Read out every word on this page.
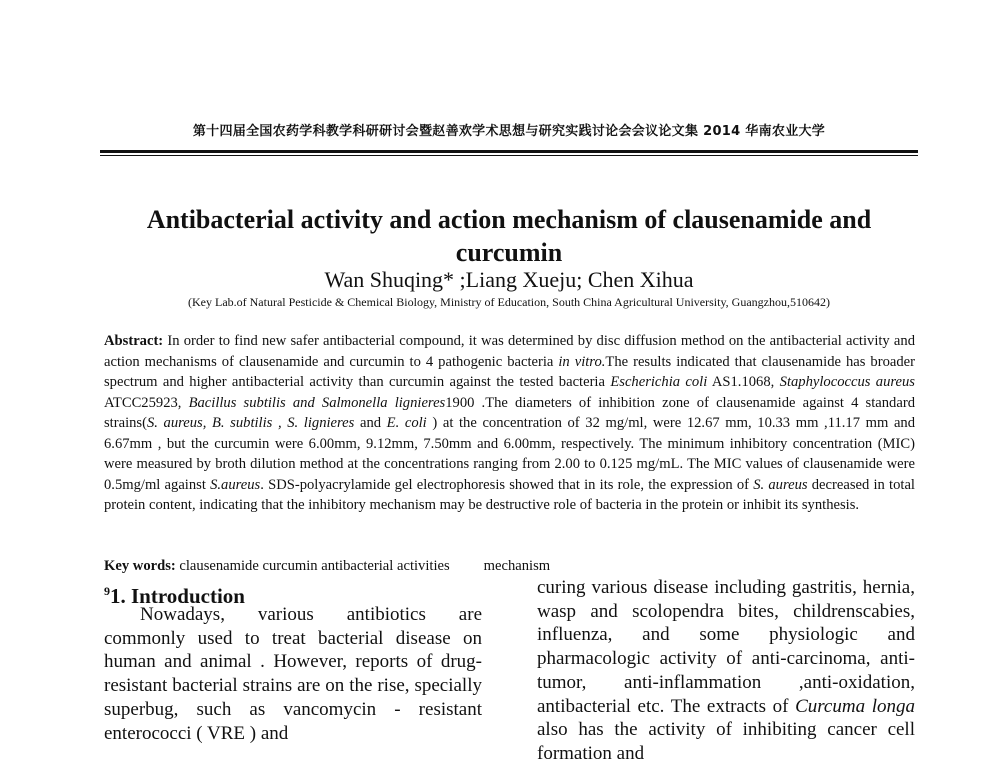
第十四届全国农药学科教学科研研讨会暨赵善欢学术思想与研究实践讨论会会议论文集 2014 华南农业大学
Antibacterial activity and action mechanism of clausenamide and curcumin
Wan Shuqing* ;Liang Xueju; Chen Xihua
(Key Lab.of Natural Pesticide & Chemical Biology, Ministry of Education, South China Agricultural University, Guangzhou,510642)

Abstract: In order to find new safer antibacterial compound, it was determined by disc diffusion method on the antibacterial activity and action mechanisms of clausenamide and curcumin to 4 pathogenic bacteria in vitro.The results indicated that clausenamide has broader spectrum and higher antibacterial activity than curcumin against the tested bacteria Escherichia coli AS1.1068, Staphylococcus aureus ATCC25923, Bacillus subtilis and Salmonella lignieres1900 .The diameters of inhibition zone of clausenamide against 4 standard strains(S. aureus, B. subtilis , S. lignieres and E. coli ) at the concentration of 32 mg/ml, were 12.67 mm, 10.33 mm ,11.17 mm and 6.67mm , but the curcumin were 6.00mm, 9.12mm, 7.50mm and 6.00mm, respectively. The minimum inhibitory concentration (MIC) were measured by broth dilution method at the concentrations ranging from 2.00 to 0.125 mg/mL. The MIC values of clausenamide were 0.5mg/ml against S.aureus. SDS-polyacrylamide gel electrophoresis showed that in its role, the expression of S. aureus decreased in total protein content, indicating that the inhibitory mechanism may be destructive role of bacteria in the protein or inhibit its synthesis.

Key words: clausenamide curcumin antibacterial activities mechanism

$^9$1. Introduction

Nowadays, various antibiotics are commonly used to treat bacterial disease on human and animal . However, reports of drug-resistant bacterial strains are on the rise, specially superbug, such as vancomycin - resistant enterococci ( VRE ) and

curing various disease including gastritis, hernia, wasp and scolopendra bites, childrenscabies, influenza, and some physiologic and pharmacologic activity of anti-carcinoma, anti-tumor, anti-inflammation ,anti-oxidation, antibacterial etc. The extracts of Curcuma longa also has the activity of inhibiting cancer cell formation and
